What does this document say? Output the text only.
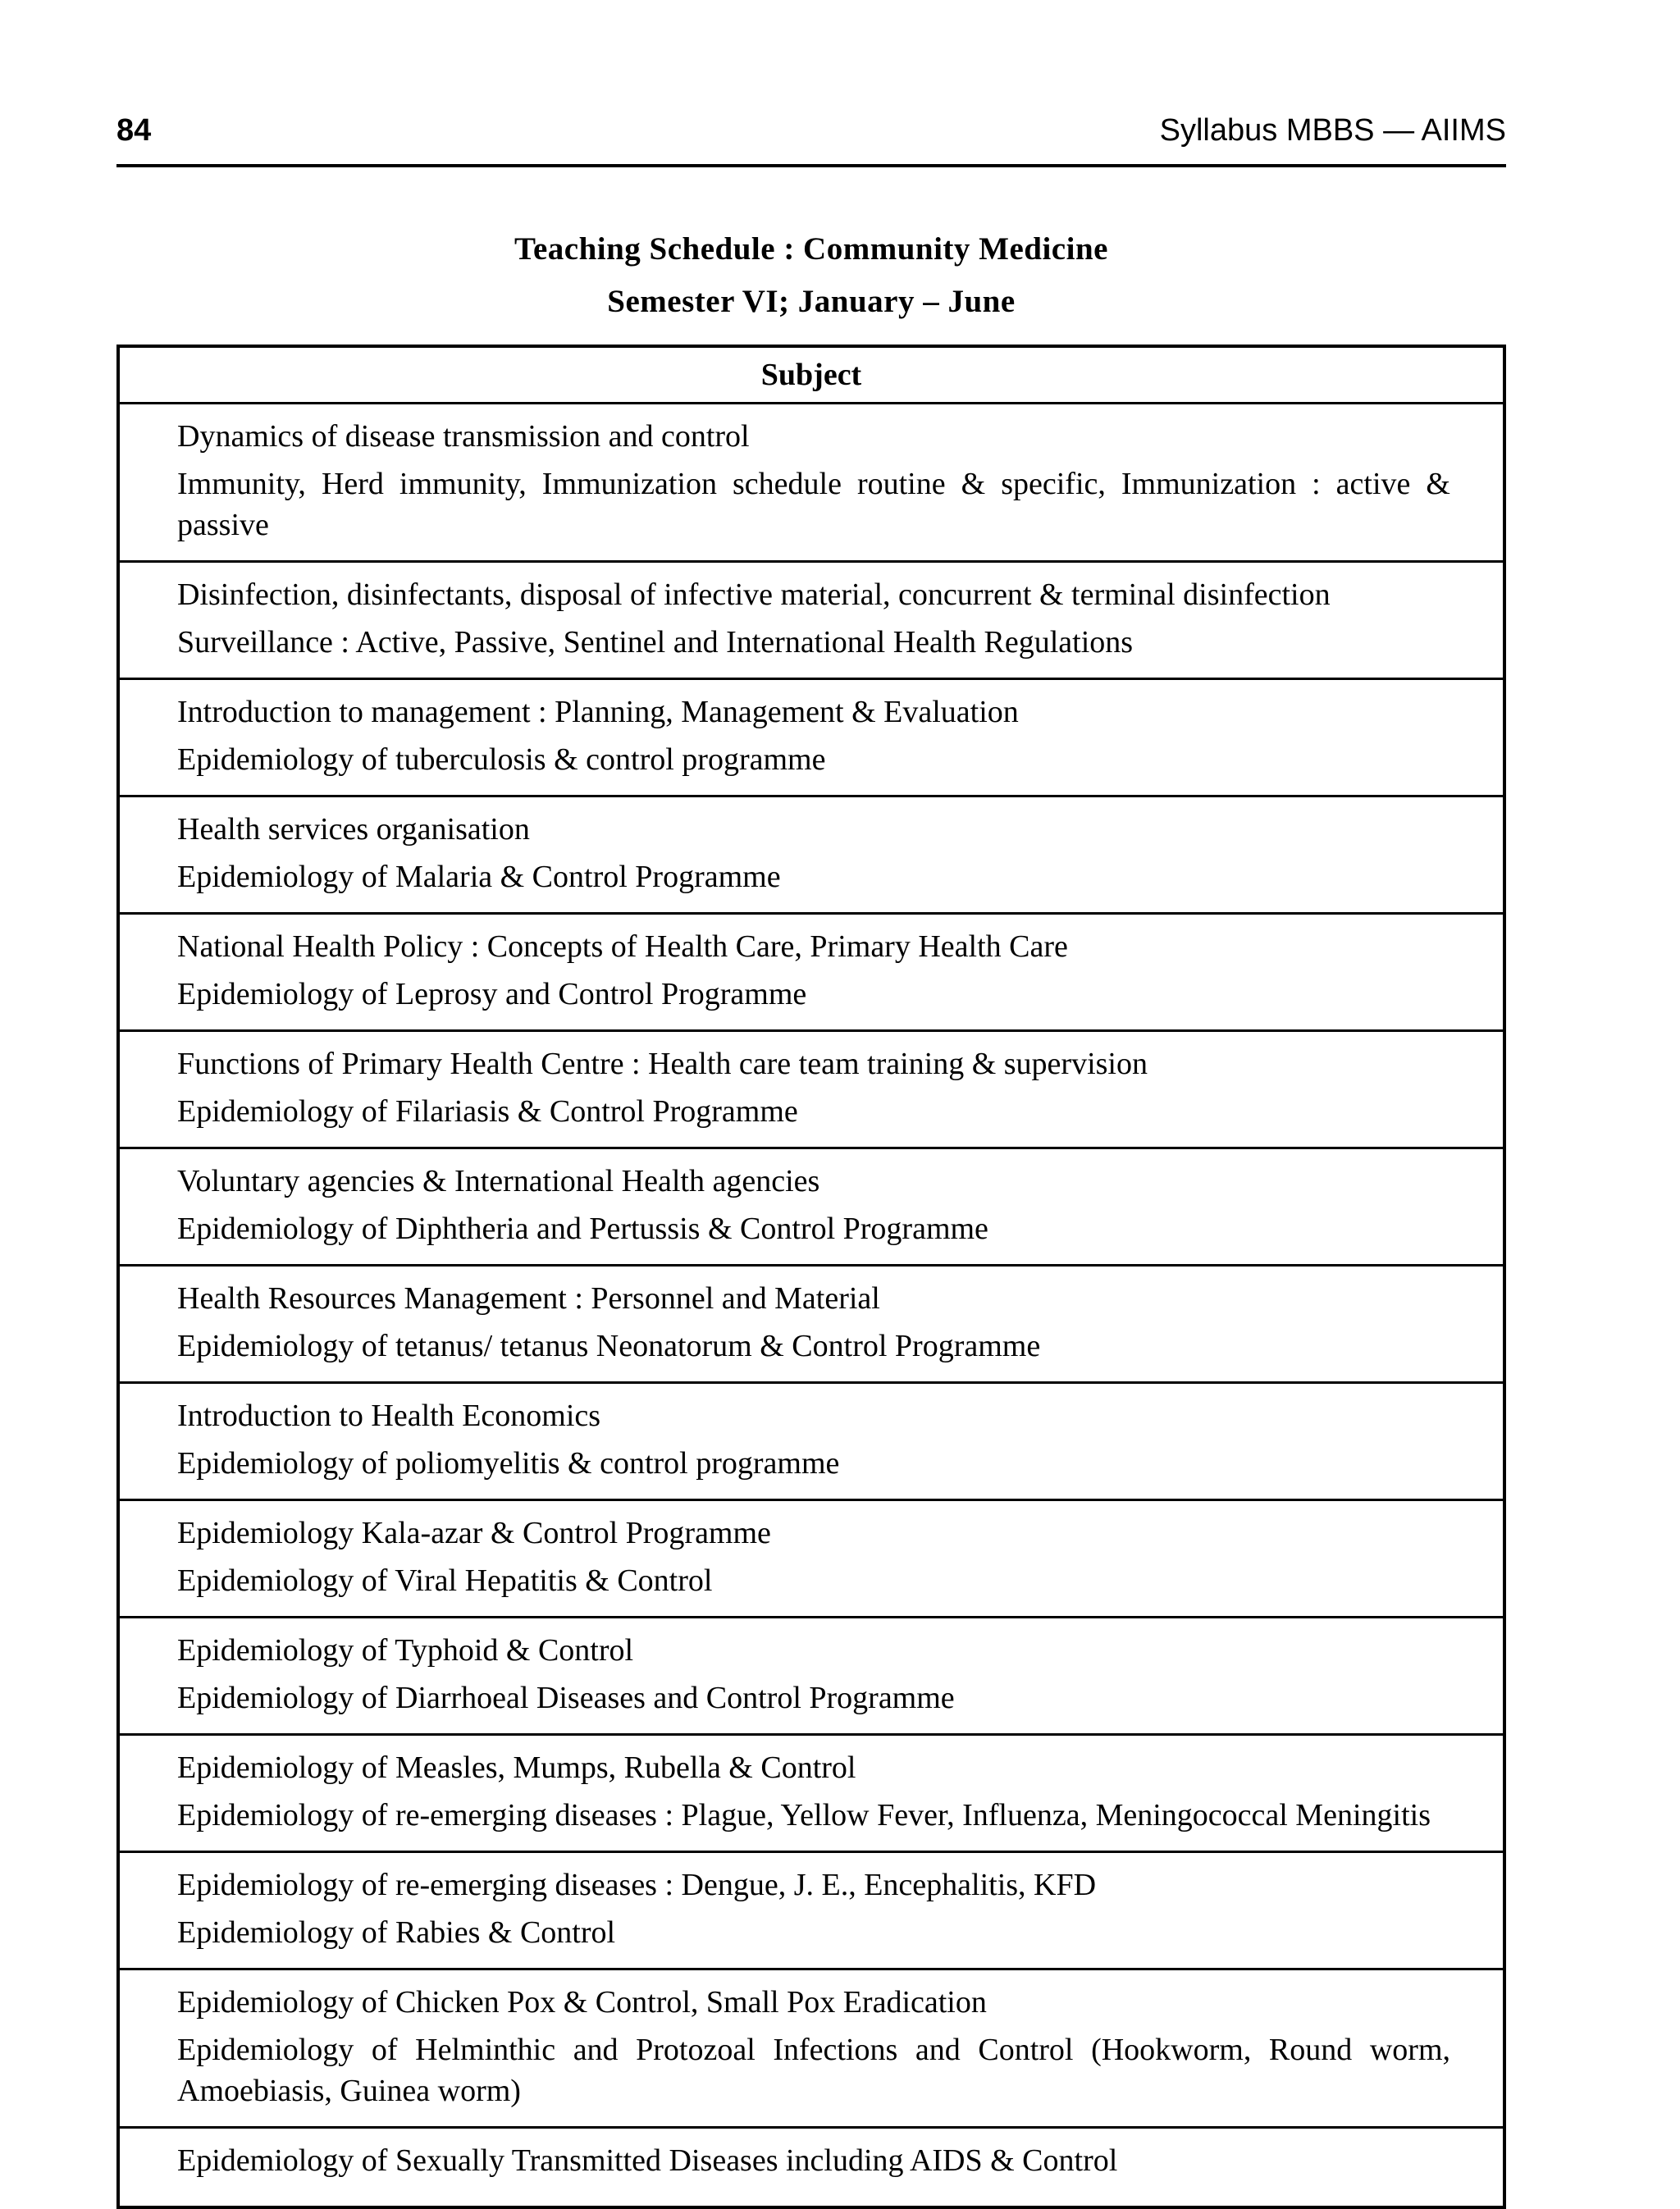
84	Syllabus MBBS — AIIMS
Teaching Schedule : Community Medicine
Semester VI; January – June
Subject
Dynamics of disease transmission and control
Immunity, Herd immunity, Immunization schedule routine & specific, Immunization : active & passive
Disinfection, disinfectants, disposal of infective material, concurrent & terminal disinfection
Surveillance : Active, Passive, Sentinel and International Health Regulations
Introduction to management : Planning, Management & Evaluation
Epidemiology of tuberculosis & control programme
Health services organisation
Epidemiology of Malaria & Control Programme
National Health Policy : Concepts of Health Care, Primary Health Care
Epidemiology of Leprosy and Control Programme
Functions of Primary Health Centre : Health care team training & supervision
Epidemiology of Filariasis & Control Programme
Voluntary agencies & International Health agencies
Epidemiology of Diphtheria and Pertussis & Control Programme
Health Resources Management : Personnel and Material
Epidemiology of tetanus/ tetanus Neonatorum & Control Programme
Introduction to Health Economics
Epidemiology of poliomyelitis & control programme
Epidemiology Kala-azar & Control Programme
Epidemiology of Viral Hepatitis & Control
Epidemiology of Typhoid & Control
Epidemiology of Diarrhoeal Diseases and Control Programme
Epidemiology of Measles, Mumps, Rubella & Control
Epidemiology of re-emerging diseases : Plague, Yellow Fever, Influenza, Meningococcal Meningitis
Epidemiology of re-emerging diseases : Dengue, J. E., Encephalitis, KFD
Epidemiology of Rabies & Control
Epidemiology of Chicken Pox & Control, Small Pox Eradication
Epidemiology of Helminthic and Protozoal Infections and Control (Hookworm, Round worm, Amoebiasis, Guinea worm)
Epidemiology of Sexually Transmitted Diseases including AIDS & Control
